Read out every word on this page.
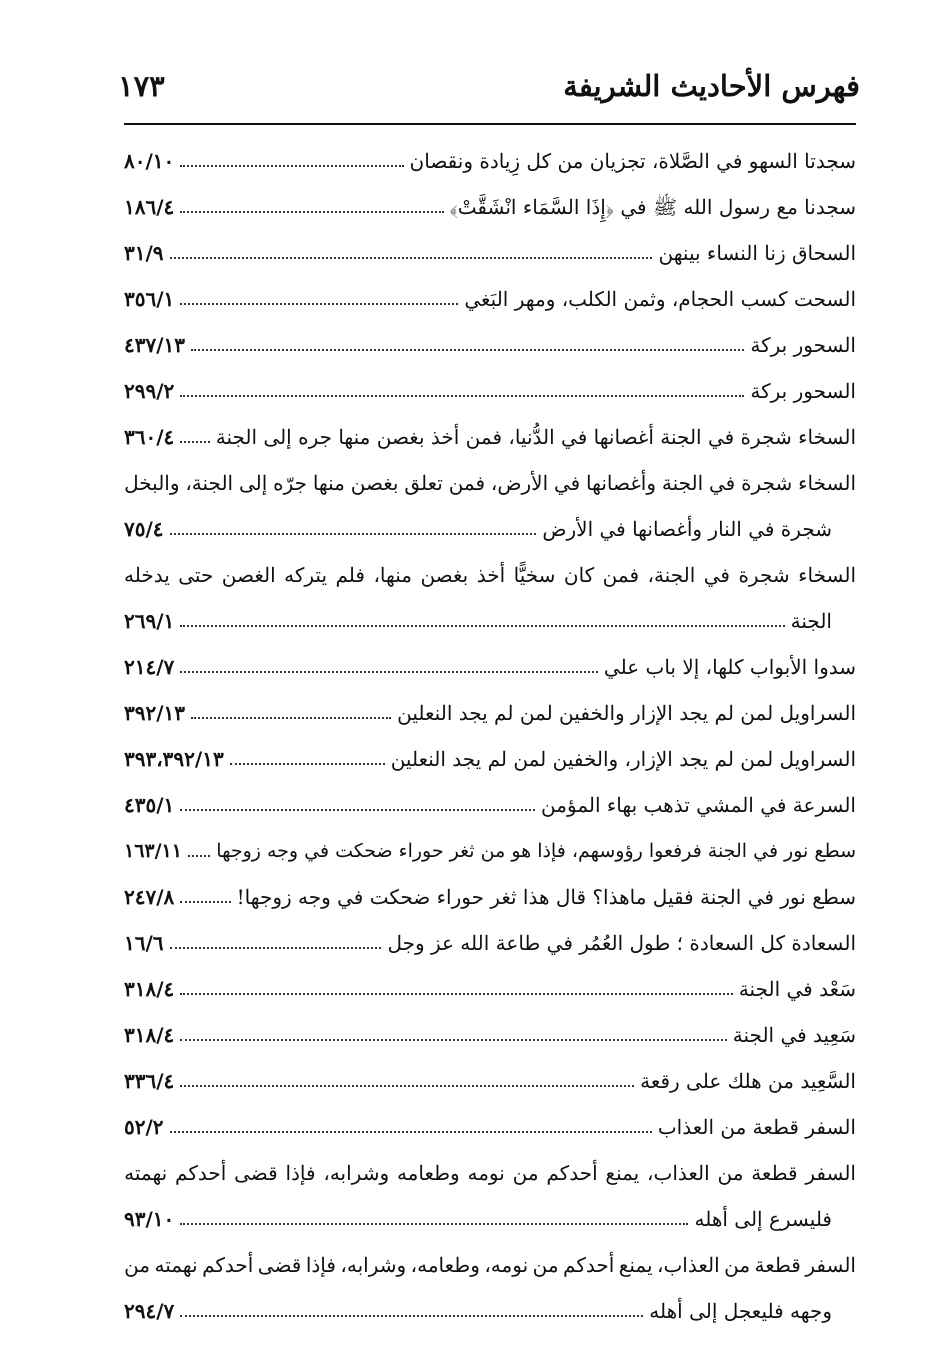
فهرس الأحاديث الشريفة
١٧٣
سجدتا السهو في الصَّلاة، تجزيان من كل زِيادة ونقصان
٨٠/١٠
سجدنا مع رسول الله ﷺ في ﴿إِذَا السَّمَاء انْشَقَّتْ﴾
١٨٦/٤
السحاق زنا النساء بينهن
٣١/٩
السحت كسب الحجام، وثمن الكلب، ومهر البَغي
٣٥٦/١
السحور بركة
٤٣٧/١٣
السحور بركة
٢٩٩/٢
السخاء شجرة في الجنة أغصانها في الدُّنيا، فمن أخذ بغصن منها جره إلى الجنة
٣٦٠/٤
السخاء
شجرة
في
الجنة
وأغصانها
في
الأرض،
فمن
تعلق
بغصن
منها
جرّه
إلى
الجنة،
والبخل
شجرة في النار وأغصانها في الأرض
٧٥/٤
السخاء
شجرة
في
الجنة،
فمن
كان
سخيًّا
أخذ
بغصن
منها،
فلم
يتركه
الغصن
حتى
يدخله
الجنة
٢٦٩/١
سدوا الأبواب كلها، إلا باب علي
٢١٤/٧
السراويل لمن لم يجد الإزار والخفين لمن لم يجد النعلين
٣٩٢/١٣
السراويل لمن لم يجد الإزار، والخفين لمن لم يجد النعلين
٣٩٣،٣٩٢/١٣
السرعة في المشي تذهب بهاء المؤمن
٤٣٥/١
سطع نور في الجنة فرفعوا رؤوسهم، فإذا هو من ثغر حوراء ضحكت في وجه زوجها
١٦٣/١١
سطع نور في الجنة فقيل ماهذا؟ قال هذا ثغر حوراء ضحكت في وجه زوجها!
٢٤٧/٨
السعادة كل السعادة ؛ طول العُمُر في طاعة الله عز وجل
١٦/٦
سَعْد في الجنة
٣١٨/٤
سَعِيد في الجنة
٣١٨/٤
السَّعِيد من هلك على رقعة
٣٣٦/٤
السفر قطعة من العذاب
٥٢/٢
السفر
قطعة
من
العذاب،
يمنع
أحدكم
من
نومه
وطعامه
وشرابه،
فإذا
قضى
أحدكم
نهمته
فليسرع إلى أهله
٩٣/١٠
السفر
قطعة
من
العذاب،
يمنع
أحدكم
من
نومه،
وطعامه،
وشرابه،
فإذا
قضى
أحدكم
نهمته
من
وجهه فليعجل إلى أهله
٢٩٤/٧
